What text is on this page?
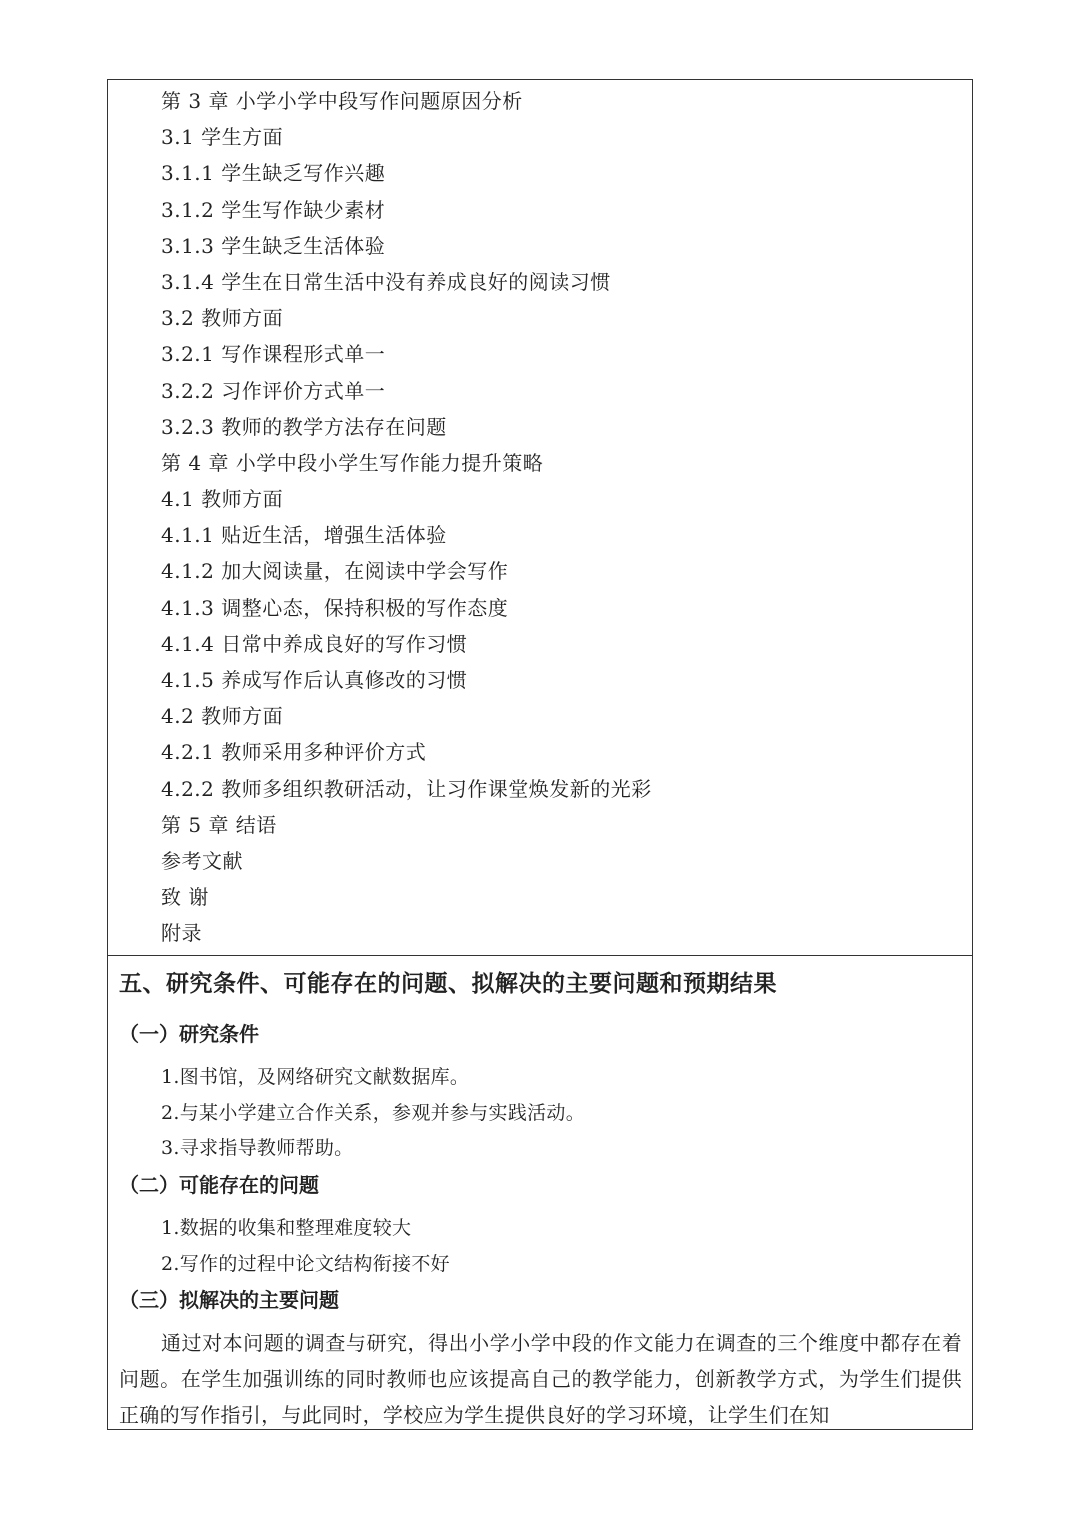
第 3 章 小学小学中段写作问题原因分析
3.1 学生方面
3.1.1 学生缺乏写作兴趣
3.1.2 学生写作缺少素材
3.1.3 学生缺乏生活体验
3.1.4 学生在日常生活中没有养成良好的阅读习惯
3.2 教师方面
3.2.1 写作课程形式单一
3.2.2 习作评价方式单一
3.2.3 教师的教学方法存在问题
第 4 章 小学中段小学生写作能力提升策略
4.1 教师方面
4.1.1 贴近生活，增强生活体验
4.1.2 加大阅读量，在阅读中学会写作
4.1.3 调整心态，保持积极的写作态度
4.1.4 日常中养成良好的写作习惯
4.1.5 养成写作后认真修改的习惯
4.2 教师方面
4.2.1 教师采用多种评价方式
4.2.2 教师多组织教研活动，让习作课堂焕发新的光彩
第 5 章 结语
参考文献
致 谢
附录
五、研究条件、可能存在的问题、拟解决的主要问题和预期结果
（一）研究条件
1.图书馆，及网络研究文献数据库。
2.与某小学建立合作关系，参观并参与实践活动。
3.寻求指导教师帮助。
（二）可能存在的问题
1.数据的收集和整理难度较大
2.写作的过程中论文结构衔接不好
（三）拟解决的主要问题

通过对本问题的调查与研究，得出小学小学中段的作文能力在调查的三个维度中都存在着问题。在学生加强训练的同时教师也应该提高自己的教学能力，创新教学方式，为学生们提供正确的写作指引，与此同时，学校应为学生提供良好的学习环境，让学生们在知
